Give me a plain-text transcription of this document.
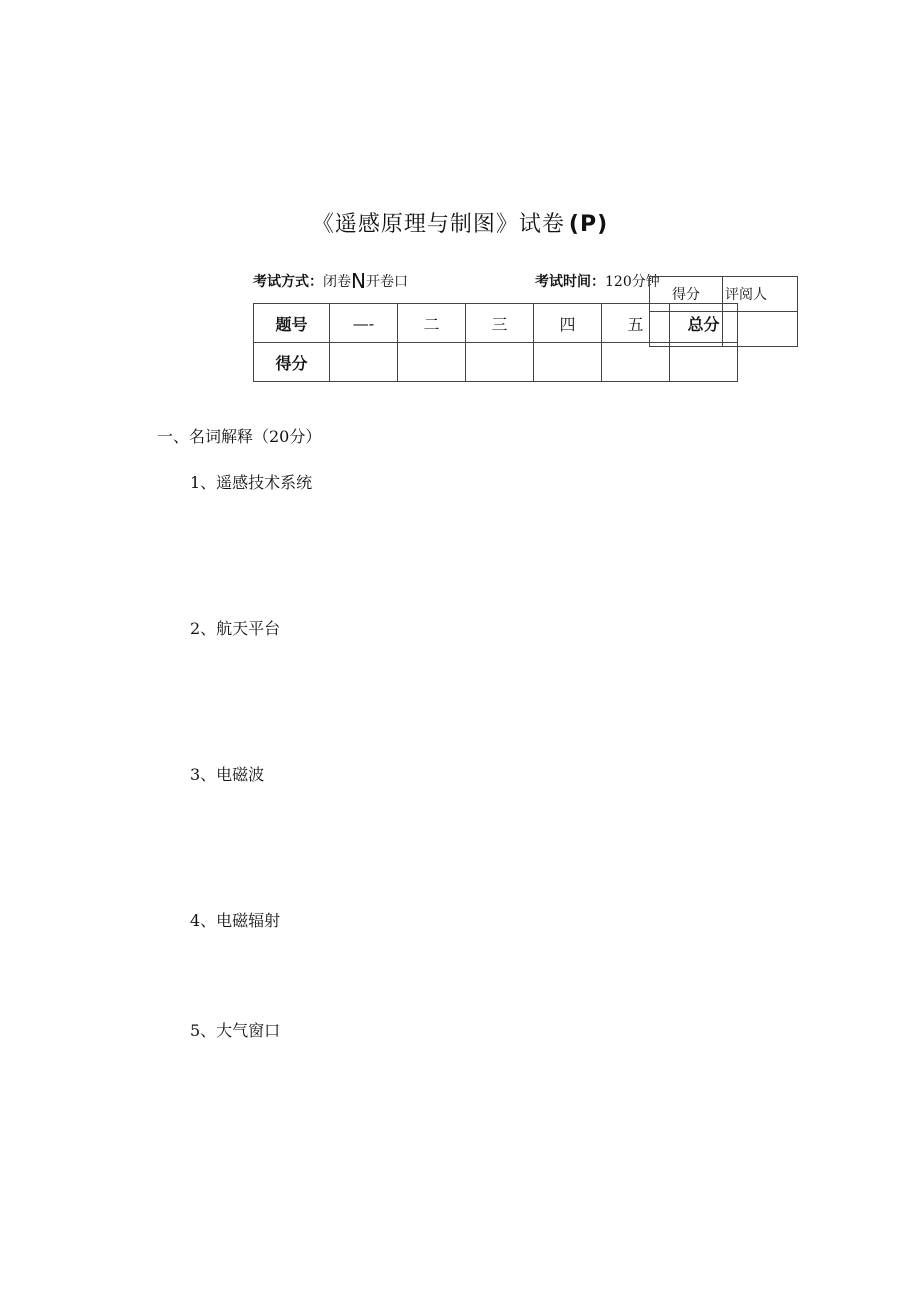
《遥感原理与制图》试卷 (P)
考试方式：闭卷N开卷口	考试时间：120分钟
题号	—-	二	三	四	五	总分
得分						
得分	评阅人

一、名词解释（20分）
1、遥感技术系统
2、航天平台
3、电磁波
4、电磁辐射
5、大气窗口
